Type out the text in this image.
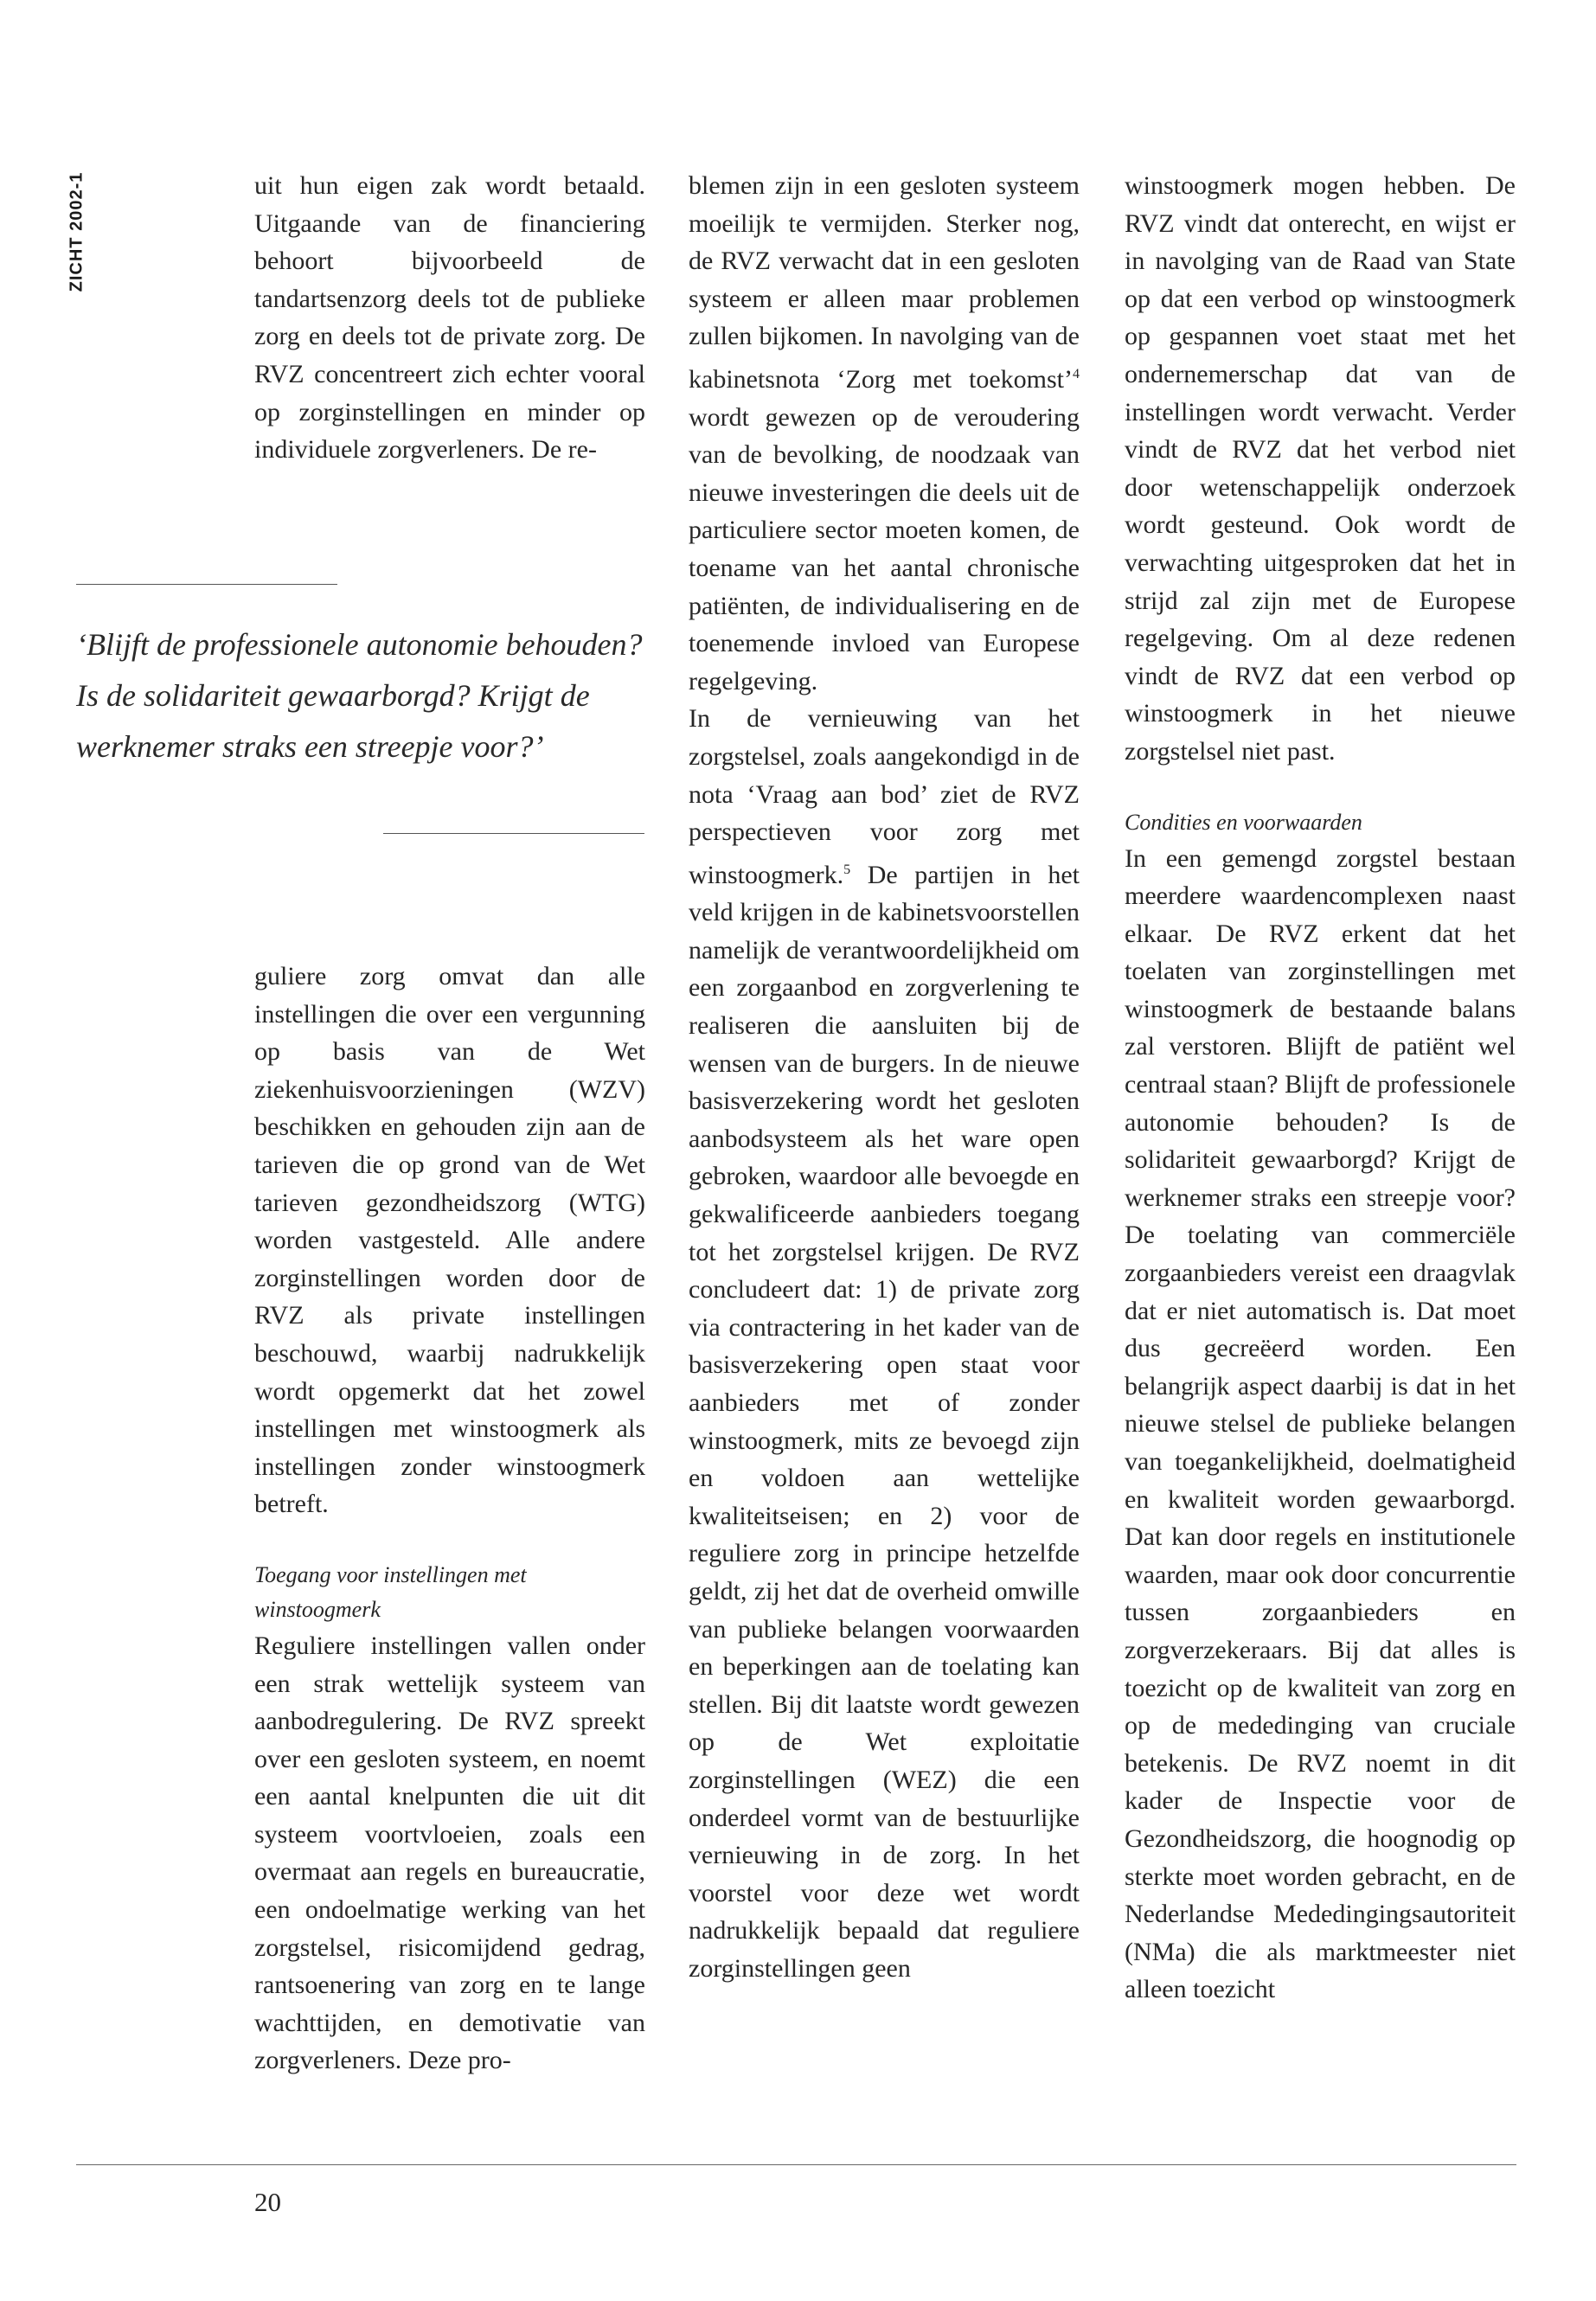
ZICHT 2002-1	uit hun eigen zak wordt betaald. Uitgaande van de financiering behoort bijvoorbeeld de tandartsenzorg deels tot de publieke zorg en deels tot de private zorg. De RVZ concentreert zich echter vooral op zorginstellingen en minder op individuele zorgverleners. De re-

‘Blijft de professionele autonomie behouden?

Is de solidariteit gewaarborgd? Krijgt de

werknemer straks een streepje voor?’

guliere zorg omvat dan alle instellingen die over een vergunning op basis van de Wet ziekenhuisvoorzieningen (WZV) beschikken en gehouden zijn aan de tarieven die op grond van de Wet tarieven gezondheidszorg (WTG) worden vastgesteld. Alle andere zorginstellingen worden door de RVZ als private instellingen beschouwd, waarbij nadrukkelijk wordt opgemerkt dat het zowel instellingen met winstoogmerk als instellingen zonder winstoogmerk betreft.

Toegang voor instellingen met winstoogmerk

Reguliere instellingen vallen onder een strak wettelijk systeem van aanbodregulering. De RVZ spreekt over een gesloten systeem, en noemt een aantal knelpunten die uit dit systeem voortvloeien, zoals een overmaat aan regels en bureaucratie, een ondoelmatige werking van het zorgstelsel, risicomijdend gedrag, rantsoenering van zorg en te lange wachttijden, en demotivatie van zorgverleners. Deze pro-

blemen zijn in een gesloten systeem moeilijk te vermijden. Sterker nog, de RVZ verwacht dat in een gesloten systeem er alleen maar problemen zullen bijkomen. In navolging van de kabinetsnota ‘Zorg met toekomst’$^4$ wordt gewezen op de veroudering van de bevolking, de noodzaak van nieuwe investeringen die deels uit de particuliere sector moeten komen, de toename van het aantal chronische patiënten, de individualisering en de toenemende invloed van Europese regelgeving.

In de vernieuwing van het zorgstelsel, zoals aangekondigd in de nota ‘Vraag aan bod’ ziet de RVZ perspectieven voor zorg met winstoogmerk.$^5$ De partijen in het veld krijgen in de kabinetsvoorstellen namelijk de verantwoordelijkheid om een zorgaanbod en zorgverlening te realiseren die aansluiten bij de wensen van de burgers. In de nieuwe basisverzekering wordt het gesloten aanbodsysteem als het ware open gebroken, waardoor alle bevoegde en gekwalificeerde aanbieders toegang tot het zorgstelsel krijgen. De RVZ concludeert dat: 1) de private zorg via contractering in het kader van de basisverzekering open staat voor aanbieders met of zonder winstoogmerk, mits ze bevoegd zijn en voldoen aan wettelijke kwaliteitseisen; en 2) voor de reguliere zorg in principe hetzelfde geldt, zij het dat de overheid omwille van publieke belangen voorwaarden en beperkingen aan de toelating kan stellen. Bij dit laatste wordt gewezen op de Wet exploitatie zorginstellingen (WEZ) die een onderdeel vormt van de bestuurlijke vernieuwing in de zorg. In het voorstel voor deze wet wordt nadrukkelijk bepaald dat reguliere zorginstellingen geen

winstoogmerk mogen hebben. De RVZ vindt dat onterecht, en wijst er in navolging van de Raad van State op dat een verbod op winstoogmerk op gespannen voet staat met het ondernemerschap dat van de instellingen wordt verwacht. Verder vindt de RVZ dat het verbod niet door wetenschappelijk onderzoek wordt gesteund. Ook wordt de verwachting uitgesproken dat het in strijd zal zijn met de Europese regelgeving. Om al deze redenen vindt de RVZ dat een verbod op winstoogmerk in het nieuwe zorgstelsel niet past.

Condities en voorwaarden

In een gemengd zorgstel bestaan meerdere waardencomplexen naast elkaar. De RVZ erkent dat het toelaten van zorginstellingen met winstoogmerk de bestaande balans zal verstoren. Blijft de patiënt wel centraal staan? Blijft de professionele autonomie behouden? Is de solidariteit gewaarborgd? Krijgt de werknemer straks een streepje voor? De toelating van commerciële zorgaanbieders vereist een draagvlak dat er niet automatisch is. Dat moet dus gecreëerd worden. Een belangrijk aspect daarbij is dat in het nieuwe stelsel de publieke belangen van toegankelijkheid, doelmatigheid en kwaliteit worden gewaarborgd. Dat kan door regels en institutionele waarden, maar ook door concurrentie tussen zorgaanbieders en zorgverzekeraars. Bij dat alles is toezicht op de kwaliteit van zorg en op de mededinging van cruciale betekenis. De RVZ noemt in dit kader de Inspectie voor de Gezondheidszorg, die hoognodig op sterkte moet worden gebracht, en de Nederlandse Mededingingsautoriteit (NMa) die als marktmeester niet alleen toezicht

20
